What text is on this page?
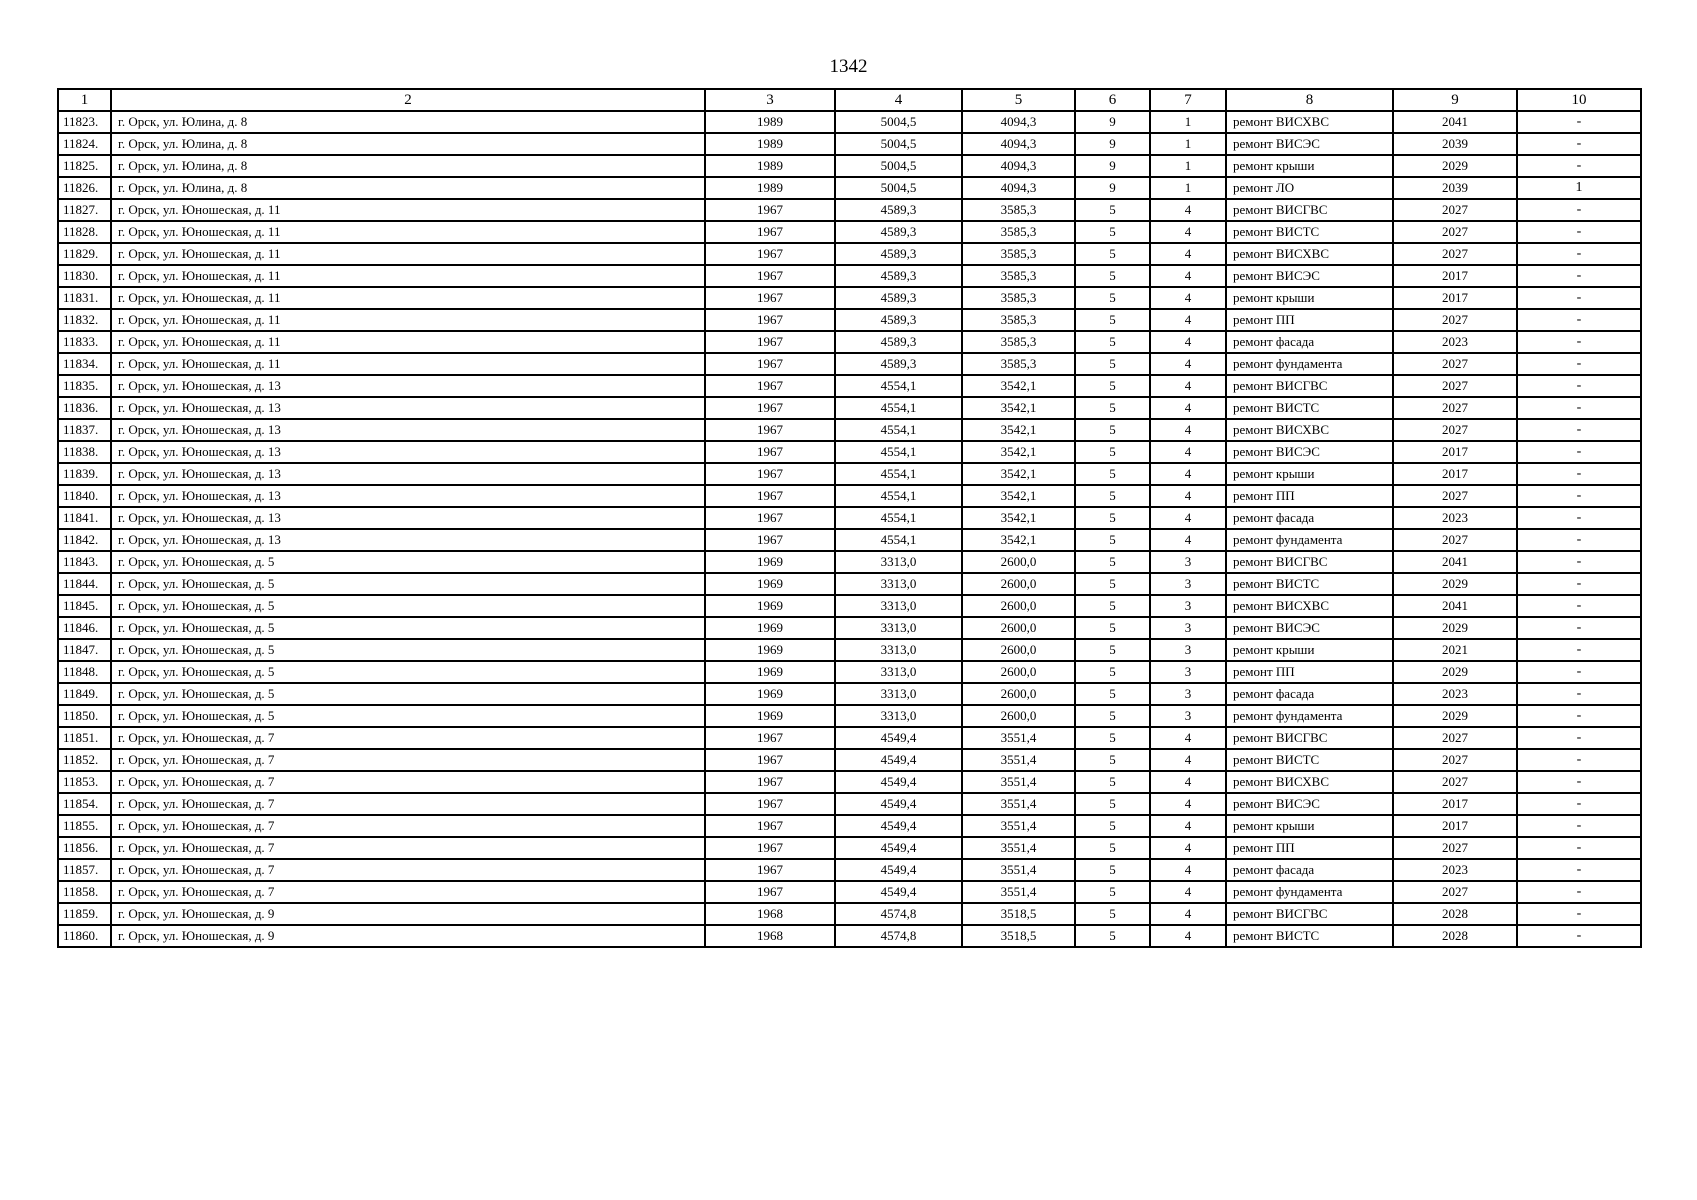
1342
1	2	3	4	5	6	7	8	9	10
11823.	г. Орск, ул. Юлина, д. 8	1989	5004,5	4094,3	9	1	ремонт ВИСХВС	2041	-
11824.	г. Орск, ул. Юлина, д. 8	1989	5004,5	4094,3	9	1	ремонт ВИСЭС	2039	-
11825.	г. Орск, ул. Юлина, д. 8	1989	5004,5	4094,3	9	1	ремонт крыши	2029	-
11826.	г. Орск, ул. Юлина, д. 8	1989	5004,5	4094,3	9	1	ремонт ЛО	2039	1
11827.	г. Орск, ул. Юношеская, д. 11	1967	4589,3	3585,3	5	4	ремонт ВИСГВС	2027	-
11828.	г. Орск, ул. Юношеская, д. 11	1967	4589,3	3585,3	5	4	ремонт ВИСТС	2027	-
11829.	г. Орск, ул. Юношеская, д. 11	1967	4589,3	3585,3	5	4	ремонт ВИСХВС	2027	-
11830.	г. Орск, ул. Юношеская, д. 11	1967	4589,3	3585,3	5	4	ремонт ВИСЭС	2017	-
11831.	г. Орск, ул. Юношеская, д. 11	1967	4589,3	3585,3	5	4	ремонт крыши	2017	-
11832.	г. Орск, ул. Юношеская, д. 11	1967	4589,3	3585,3	5	4	ремонт ПП	2027	-
11833.	г. Орск, ул. Юношеская, д. 11	1967	4589,3	3585,3	5	4	ремонт фасада	2023	-
11834.	г. Орск, ул. Юношеская, д. 11	1967	4589,3	3585,3	5	4	ремонт фундамента	2027	-
11835.	г. Орск, ул. Юношеская, д. 13	1967	4554,1	3542,1	5	4	ремонт ВИСГВС	2027	-
11836.	г. Орск, ул. Юношеская, д. 13	1967	4554,1	3542,1	5	4	ремонт ВИСТС	2027	-
11837.	г. Орск, ул. Юношеская, д. 13	1967	4554,1	3542,1	5	4	ремонт ВИСХВС	2027	-
11838.	г. Орск, ул. Юношеская, д. 13	1967	4554,1	3542,1	5	4	ремонт ВИСЭС	2017	-
11839.	г. Орск, ул. Юношеская, д. 13	1967	4554,1	3542,1	5	4	ремонт крыши	2017	-
11840.	г. Орск, ул. Юношеская, д. 13	1967	4554,1	3542,1	5	4	ремонт ПП	2027	-
11841.	г. Орск, ул. Юношеская, д. 13	1967	4554,1	3542,1	5	4	ремонт фасада	2023	-
11842.	г. Орск, ул. Юношеская, д. 13	1967	4554,1	3542,1	5	4	ремонт фундамента	2027	-
11843.	г. Орск, ул. Юношеская, д. 5	1969	3313,0	2600,0	5	3	ремонт ВИСГВС	2041	-
11844.	г. Орск, ул. Юношеская, д. 5	1969	3313,0	2600,0	5	3	ремонт ВИСТС	2029	-
11845.	г. Орск, ул. Юношеская, д. 5	1969	3313,0	2600,0	5	3	ремонт ВИСХВС	2041	-
11846.	г. Орск, ул. Юношеская, д. 5	1969	3313,0	2600,0	5	3	ремонт ВИСЭС	2029	-
11847.	г. Орск, ул. Юношеская, д. 5	1969	3313,0	2600,0	5	3	ремонт крыши	2021	-
11848.	г. Орск, ул. Юношеская, д. 5	1969	3313,0	2600,0	5	3	ремонт ПП	2029	-
11849.	г. Орск, ул. Юношеская, д. 5	1969	3313,0	2600,0	5	3	ремонт фасада	2023	-
11850.	г. Орск, ул. Юношеская, д. 5	1969	3313,0	2600,0	5	3	ремонт фундамента	2029	-
11851.	г. Орск, ул. Юношеская, д. 7	1967	4549,4	3551,4	5	4	ремонт ВИСГВС	2027	-
11852.	г. Орск, ул. Юношеская, д. 7	1967	4549,4	3551,4	5	4	ремонт ВИСТС	2027	-
11853.	г. Орск, ул. Юношеская, д. 7	1967	4549,4	3551,4	5	4	ремонт ВИСХВС	2027	-
11854.	г. Орск, ул. Юношеская, д. 7	1967	4549,4	3551,4	5	4	ремонт ВИСЭС	2017	-
11855.	г. Орск, ул. Юношеская, д. 7	1967	4549,4	3551,4	5	4	ремонт крыши	2017	-
11856.	г. Орск, ул. Юношеская, д. 7	1967	4549,4	3551,4	5	4	ремонт ПП	2027	-
11857.	г. Орск, ул. Юношеская, д. 7	1967	4549,4	3551,4	5	4	ремонт фасада	2023	-
11858.	г. Орск, ул. Юношеская, д. 7	1967	4549,4	3551,4	5	4	ремонт фундамента	2027	-
11859.	г. Орск, ул. Юношеская, д. 9	1968	4574,8	3518,5	5	4	ремонт ВИСГВС	2028	-
11860.	г. Орск, ул. Юношеская, д. 9	1968	4574,8	3518,5	5	4	ремонт ВИСТС	2028	-
